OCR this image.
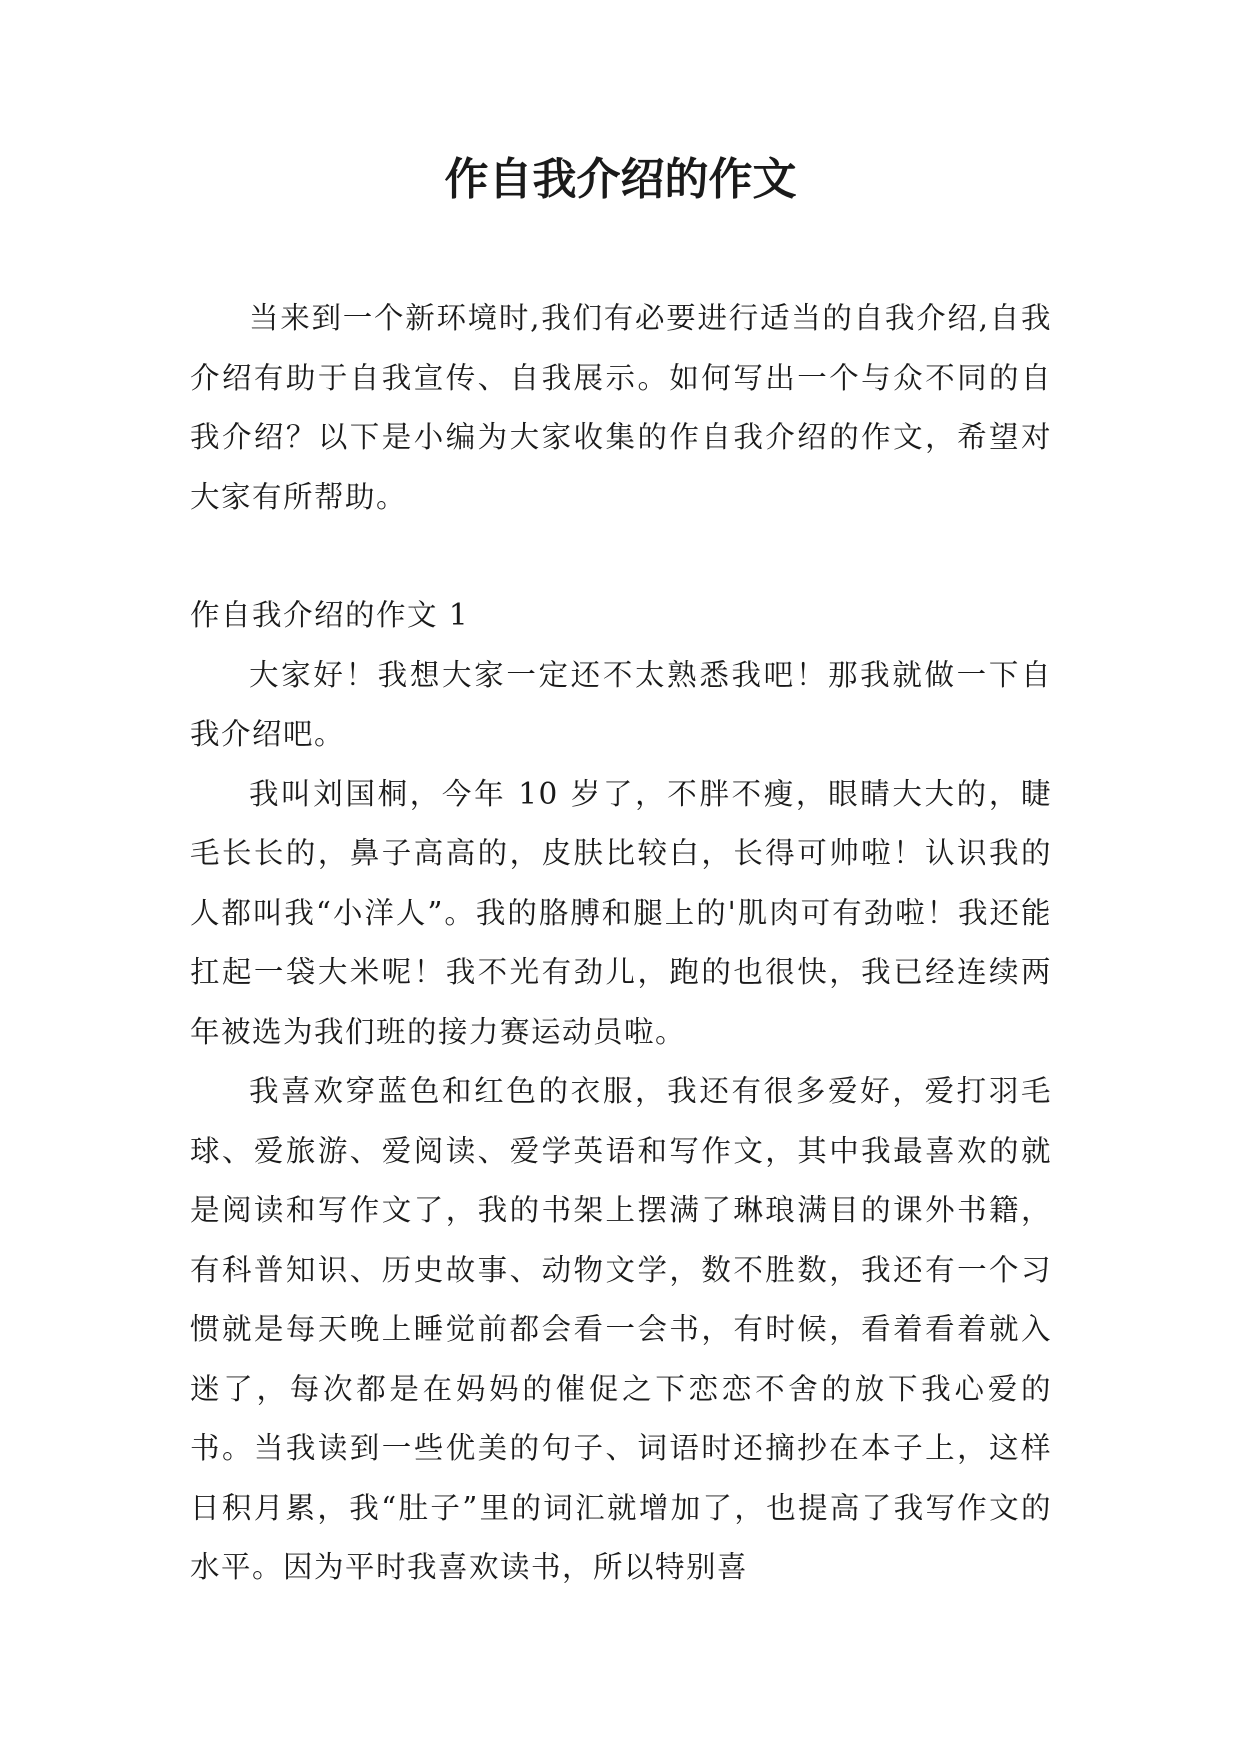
作自我介绍的作文

当来到一个新环境时,我们有必要进行适当的自我介绍,自我介绍有助于自我宣传、自我展示。如何写出一个与众不同的自我介绍？以下是小编为大家收集的作自我介绍的作文，希望对大家有所帮助。

作自我介绍的作文 1

大家好！我想大家一定还不太熟悉我吧！那我就做一下自我介绍吧。

我叫刘国桐，今年 10 岁了，不胖不瘦，眼睛大大的，睫毛长长的，鼻子高高的，皮肤比较白，长得可帅啦！认识我的人都叫我“小洋人”。我的胳膊和腿上的'肌肉可有劲啦！我还能扛起一袋大米呢！我不光有劲儿，跑的也很快，我已经连续两年被选为我们班的接力赛运动员啦。

我喜欢穿蓝色和红色的衣服，我还有很多爱好，爱打羽毛球、爱旅游、爱阅读、爱学英语和写作文，其中我最喜欢的就是阅读和写作文了，我的书架上摆满了琳琅满目的课外书籍，有科普知识、历史故事、动物文学，数不胜数，我还有一个习惯就是每天晚上睡觉前都会看一会书，有时候，看着看着就入迷了，每次都是在妈妈的催促之下恋恋不舍的放下我心爱的书。当我读到一些优美的句子、词语时还摘抄在本子上，这样日积月累，我“肚子”里的词汇就增加了，也提高了我写作文的水平。因为平时我喜欢读书，所以特别喜
